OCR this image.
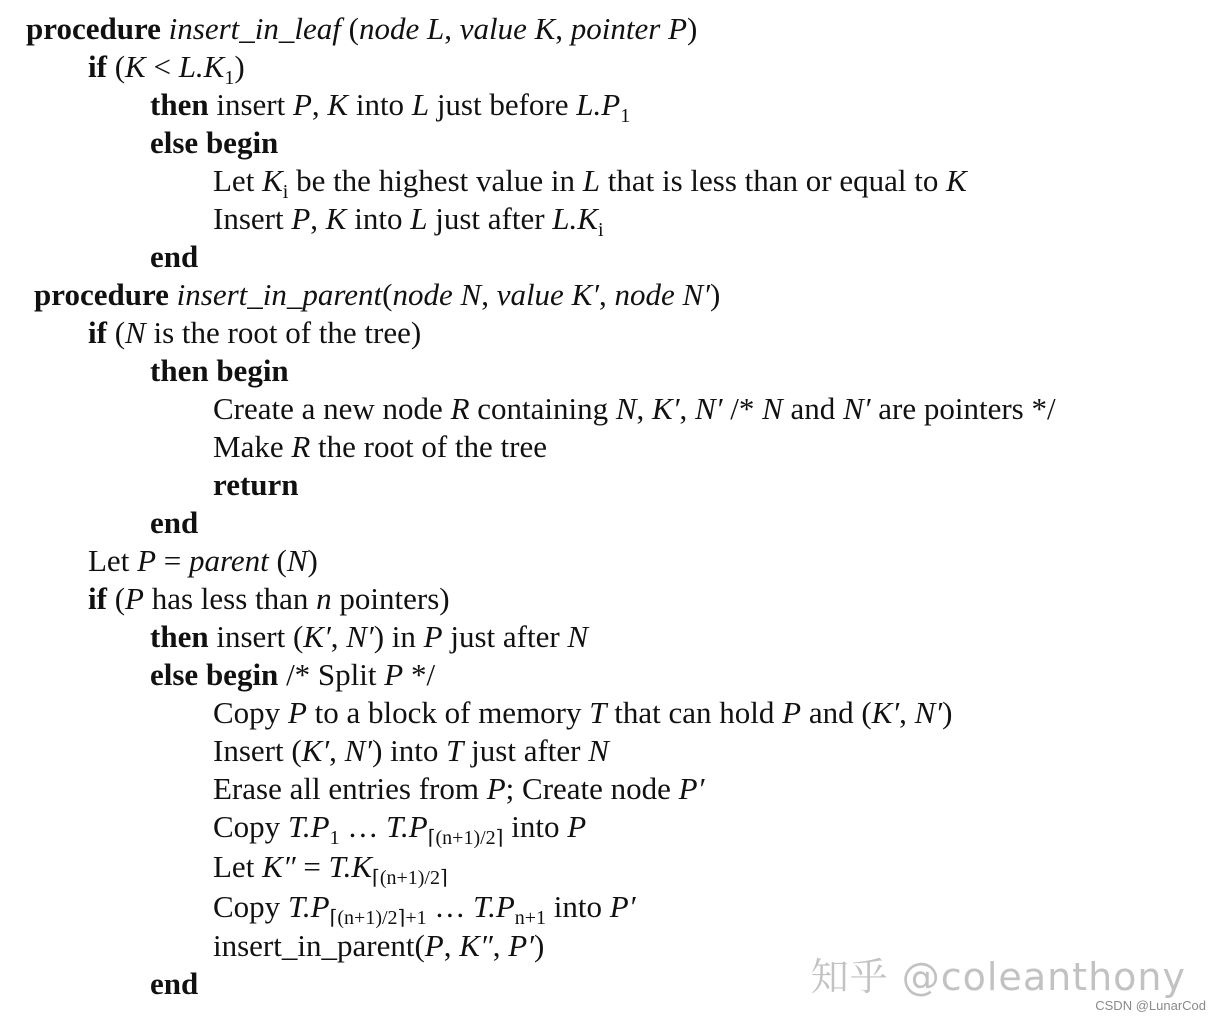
procedure insert_in_leaf (node L, value K, pointer P)
if $(K < L.K_1)$
then insert P, K into L just before $L.P_1$
else begin
Let $K_i$ be the highest value in L that is less than or equal to K
Insert P, K into L just after $L.K_i$
end
procedure insert_in_parent(node N, value K′, node N′)
if (N is the root of the tree)
then begin
Create a new node R containing N, K′, N′ /* N and N′ are pointers */
Make R the root of the tree
return
end
Let P = parent (N)
if (P has less than n pointers)
then insert (K′, N′) in P just after N
else begin /* Split P */
Copy P to a block of memory T that can hold P and (K′, N′)
Insert (K′, N′) into T just after N
Erase all entries from P; Create node P′
Copy $T.P_1$ … $T.P_{⌈(n+1)/2⌉}$ into P
Let $K'' = T.K_{⌈(n+1)/2⌉}$
Copy $T.P_{⌈(n+1)/2⌉+1}$ … $T.P_{n+1}$ into P′
insert_in_parent(P, K″, P′)
end	知乎 @coleanthony
CSDN @LunarCod
